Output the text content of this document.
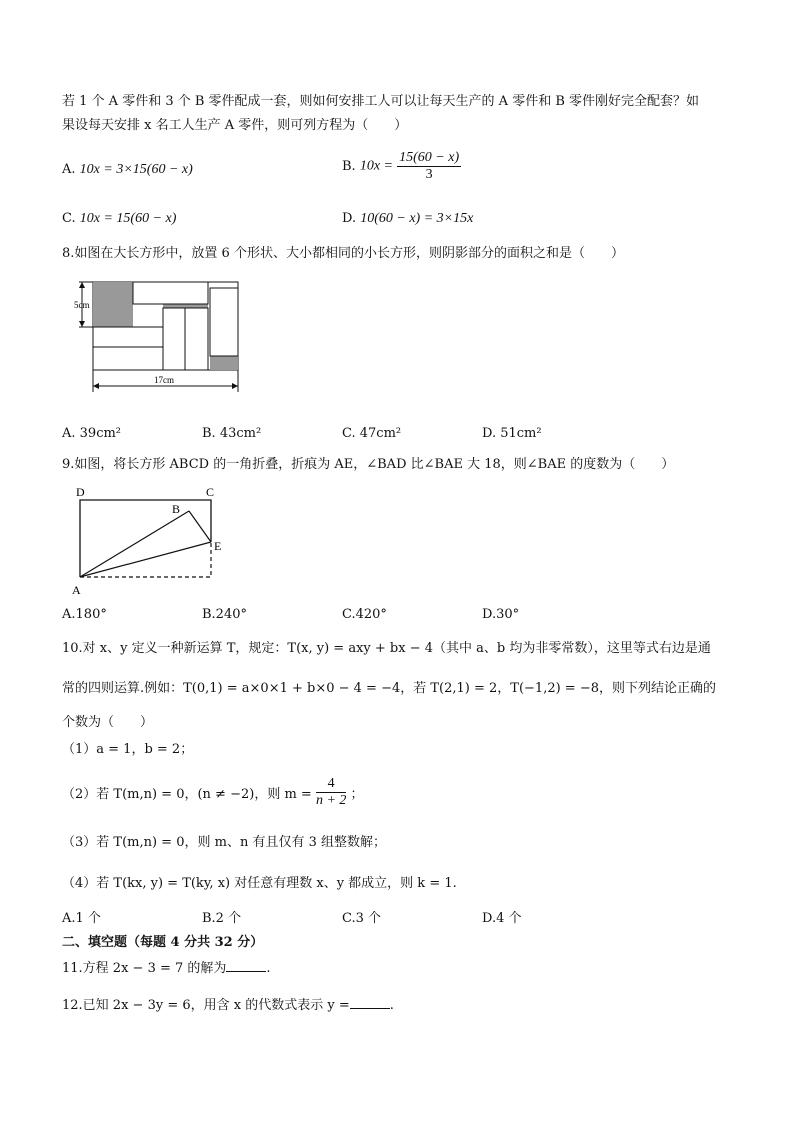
若 1 个 A 零件和 3 个 B 零件配成一套，则如何安排工人可以让每天生产的 A 零件和 B 零件刚好完全配套？如
果设每天安排 x 名工人生产 A 零件，则可列方程为（　　）
A. 10x = 3×15(60 − x)	B. $10x = \frac{15(60 - x)}{3}$
C. 10x = 15(60 − x)	D. 10(60 − x) = 3×15x
8.如图在大长方形中，放置 6 个形状、大小都相同的小长方形，则阴影部分的面积之和是（　　）
5cm
17cm
A. 39cm²	B. 43cm²	C. 47cm²	D. 51cm²
9.如图，将长方形 ABCD 的一角折叠，折痕为 AE，∠BAD 比∠BAE 大 18，则∠BAE 的度数为（　　）
D	C
B
E
A
A.180°	B.240°	C.420°	D.30°
10.对 x、y 定义一种新运算 T，规定：T(x, y) = axy + bx − 4（其中 a、b 均为非零常数），这里等式右边是通
常的四则运算.例如：T(0,1) = a×0×1 + b×0 − 4 = −4，若 T(2,1) = 2，T(−1,2) = −8，则下列结论正确的
个数为（　　）
（1）a = 1，b = 2；
（2）若 T(m,n) = 0，(n ≠ −2)，则 $m = \frac{4}{n + 2}$ ；
（3）若 T(m,n) = 0，则 m、n 有且仅有 3 组整数解；
（4）若 T(kx, y) = T(ky, x) 对任意有理数 x、y 都成立，则 k = 1.
A.1 个	B.2 个	C.3 个	D.4 个
二、填空题（每题 4 分共 32 分）
11.方程 2x − 3 = 7 的解为	.
12.已知 2x − 3y = 6，用含 x 的代数式表示 y =	.
